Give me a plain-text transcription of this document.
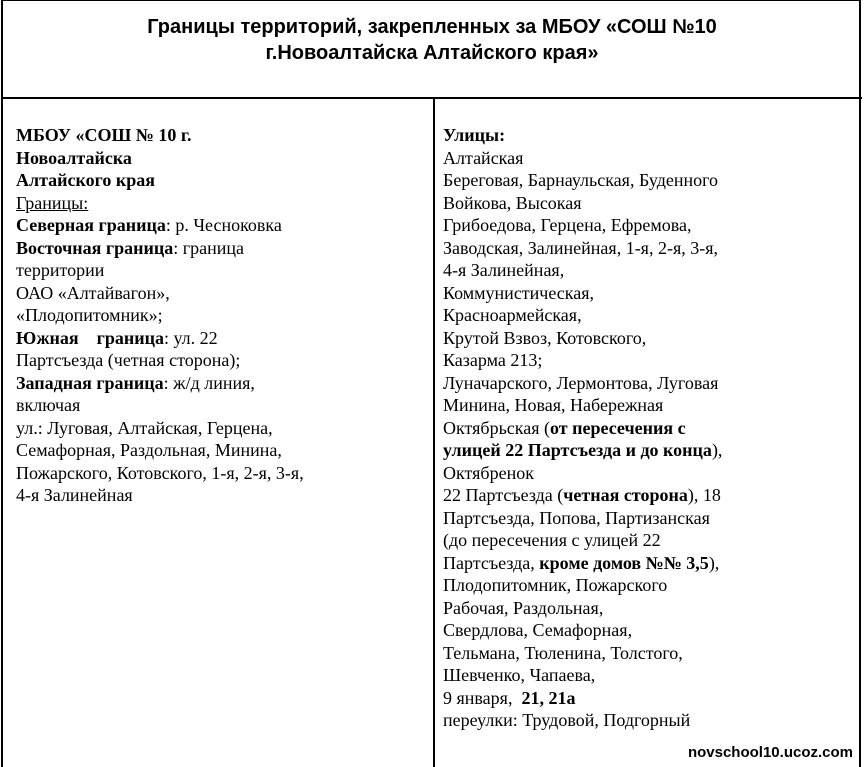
Границы территорий, закрепленных за МБОУ «СОШ №10
г.Новоалтайска Алтайского края»
МБОУ «СОШ № 10 г.
Новоалтайска
Алтайского края
Границы:
Северная граница: р. Чесноковка
Восточная граница: граница
территории
ОАО «Алтайвагон»,
«Плодопитомник»;
Южная граница: ул. 22
Партсъезда (четная сторона);
Западная граница: ж/д линия,
включая
ул.: Луговая, Алтайская, Герцена,
Семафорная, Раздольная, Минина,
Пожарского, Котовского, 1-я, 2-я, 3-я,
4-я Залинейная
Улицы:
Алтайская
Береговая, Барнаульская, Буденного
Войкова, Высокая
Грибоедова, Герцена, Ефремова,
Заводская, Залинейная, 1-я, 2-я, 3-я,
4-я Залинейная,
Коммунистическая,
Красноармейская,
Крутой Взвоз, Котовского,
Казарма 213;
Луначарского, Лермонтова, Луговая
Минина, Новая, Набережная
Октябрьская (от пересечения с
улицей 22 Партсъезда и до конца),
Октябренок
22 Партсъезда (четная сторона), 18
Партсъезда, Попова, Партизанская
(до пересечения с улицей 22
Партсъезда, кроме домов №№ 3,5),
Плодопитомник, Пожарского
Рабочая, Раздольная,
Свердлова, Семафорная,
Тельмана, Тюленина, Толстого,
Шевченко, Чапаева,
9 января,  21, 21а
переулки: Трудовой, Подгорный
novschool10.ucoz.com
